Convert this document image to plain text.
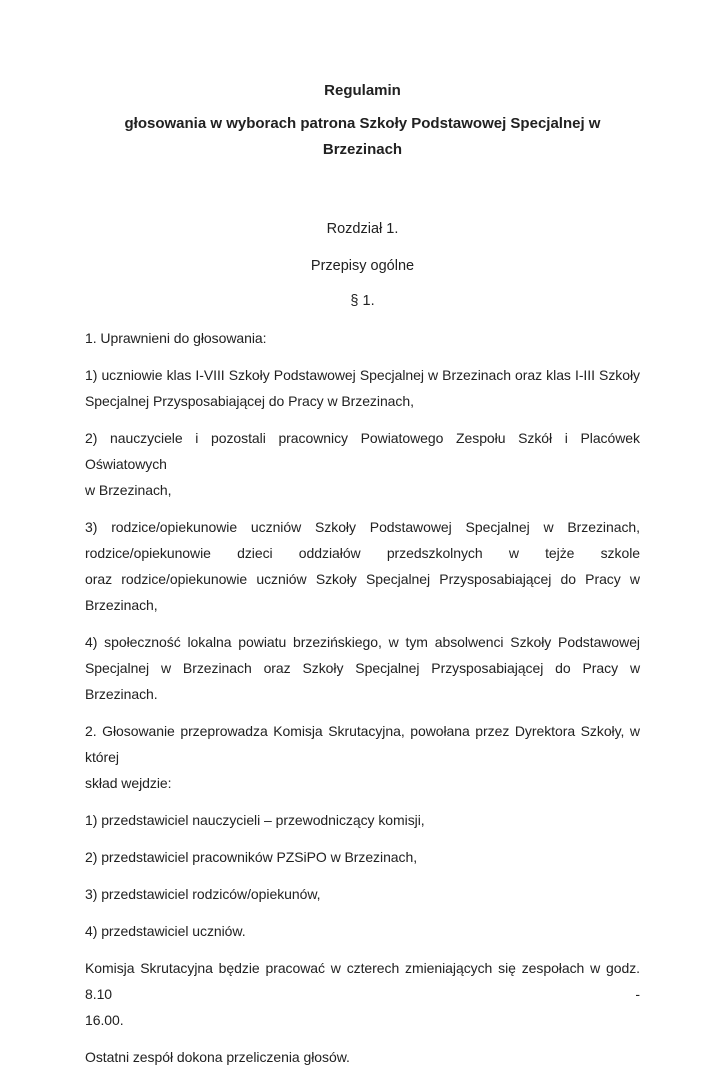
Regulamin
głosowania w wyborach patrona Szkoły Podstawowej Specjalnej w Brzezinach
Rozdział 1.
Przepisy ogólne
§ 1.
1. Uprawnieni do głosowania:
1) uczniowie klas I-VIII Szkoły Podstawowej Specjalnej w Brzezinach oraz klas I-III Szkoły
Specjalnej Przysposabiającej do Pracy w Brzezinach,
2) nauczyciele i pozostali pracownicy Powiatowego Zespołu Szkół i Placówek Oświatowych
w Brzezinach,
3) rodzice/opiekunowie uczniów Szkoły Podstawowej Specjalnej w Brzezinach,
rodzice/opiekunowie dzieci oddziałów przedszkolnych w tejże szkole
oraz rodzice/opiekunowie uczniów Szkoły Specjalnej Przysposabiającej do Pracy w Brzezinach,
4) społeczność lokalna powiatu brzezińskiego, w tym absolwenci Szkoły Podstawowej
Specjalnej w Brzezinach oraz Szkoły Specjalnej Przysposabiającej do Pracy w Brzezinach.
2. Głosowanie przeprowadza Komisja Skrutacyjna, powołana przez Dyrektora Szkoły, w której
skład wejdzie:
1) przedstawiciel nauczycieli – przewodniczący komisji,
2) przedstawiciel pracowników PZSiPO w Brzezinach,
3) przedstawiciel rodziców/opiekunów,
4) przedstawiciel uczniów.
Komisja Skrutacyjna będzie pracować w czterech zmieniających się zespołach w godz. 8.10 -
16.00.
Ostatni zespół dokona przeliczenia głosów.
